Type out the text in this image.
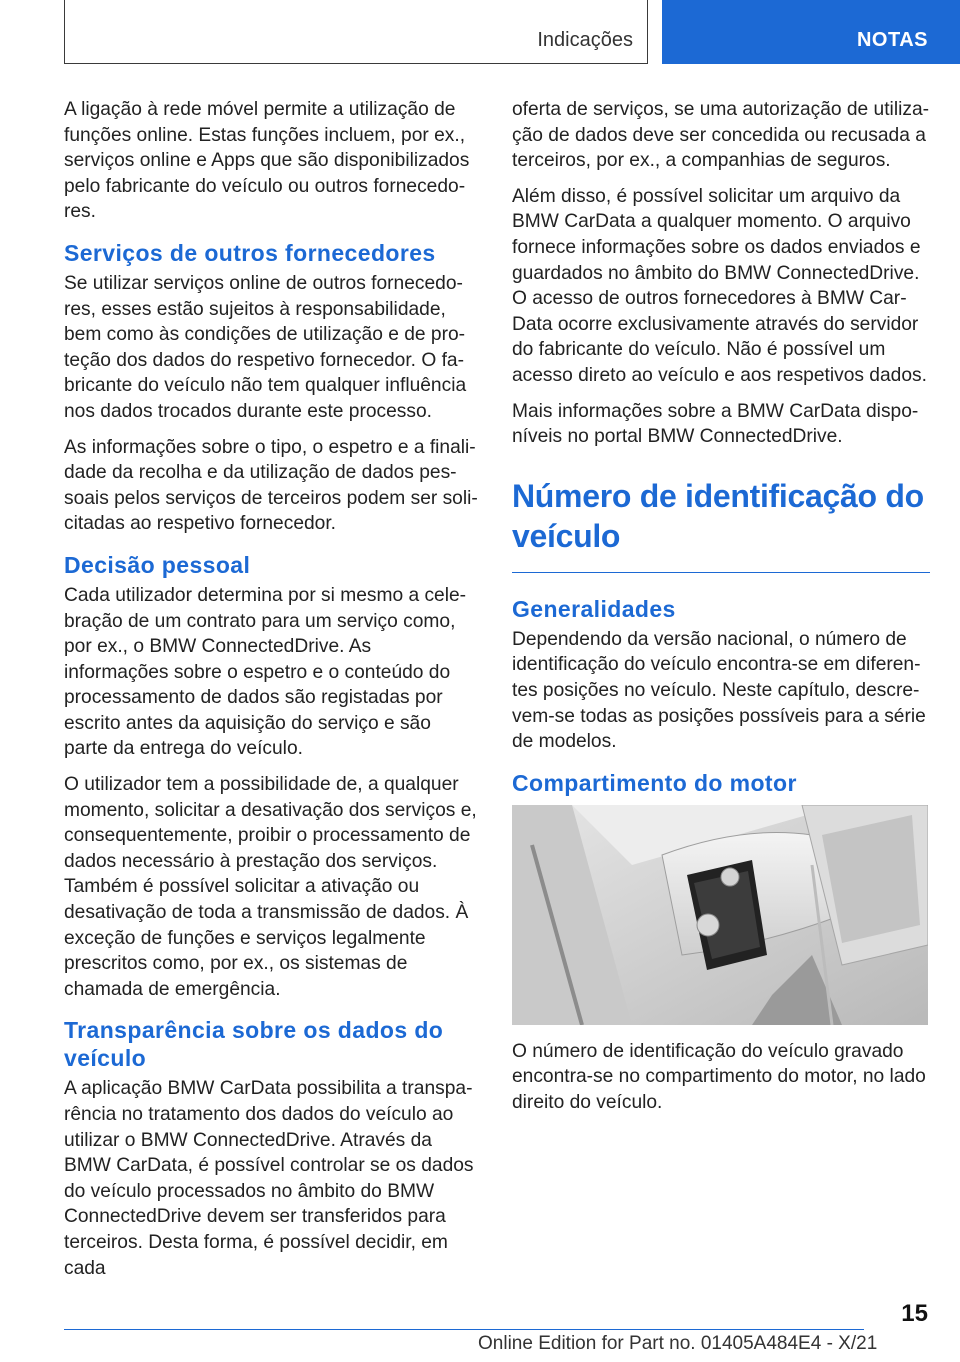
Indicações	NOTAS

A ligação à rede móvel permite a utilização de funções online. Estas funções incluem, por ex., serviços online e Apps que são disponibilizados pelo fabricante do veículo ou outros fornecedores.

Serviços de outros fornecedores

Se utilizar serviços online de outros fornecedores, esses estão sujeitos à responsabilidade, bem como às condições de utilização e de proteção dos dados do respetivo fornecedor. O fabricante do veículo não tem qualquer influência nos dados trocados durante este processo.

As informações sobre o tipo, o espetro e a finalidade da recolha e da utilização de dados pessoais pelos serviços de terceiros podem ser solicitadas ao respetivo fornecedor.

Decisão pessoal

Cada utilizador determina por si mesmo a celebração de um contrato para um serviço como, por ex., o BMW ConnectedDrive. As informações sobre o espetro e o conteúdo do processamento de dados são registadas por escrito antes da aquisição do serviço e são parte da entrega do veículo.

O utilizador tem a possibilidade de, a qualquer momento, solicitar a desativação dos serviços e, consequentemente, proibir o processamento de dados necessário à prestação dos serviços. Também é possível solicitar a ativação ou desativação de toda a transmissão de dados. À exceção de funções e serviços legalmente prescritos como, por ex., os sistemas de chamada de emergência.

Transparência sobre os dados do veículo

A aplicação BMW CarData possibilita a transparência no tratamento dos dados do veículo ao utilizar o BMW ConnectedDrive. Através da BMW CarData, é possível controlar se os dados do veículo processados no âmbito do BMW ConnectedDrive devem ser transferidos para terceiros. Desta forma, é possível decidir, em cada

oferta de serviços, se uma autorização de utilização de dados deve ser concedida ou recusada a terceiros, por ex., a companhias de seguros.

Além disso, é possível solicitar um arquivo da BMW CarData a qualquer momento. O arquivo fornece informações sobre os dados enviados e guardados no âmbito do BMW ConnectedDrive. O acesso de outros fornecedores à BMW CarData ocorre exclusivamente através do servidor do fabricante do veículo. Não é possível um acesso direto ao veículo e aos respetivos dados.

Mais informações sobre a BMW CarData disponíveis no portal BMW ConnectedDrive.

Número de identificação do veículo
Generalidades

Dependendo da versão nacional, o número de identificação do veículo encontra-se em diferentes posições no veículo. Neste capítulo, descrevem-se todas as posições possíveis para a série de modelos.

Compartimento do motor

O número de identificação do veículo gravado encontra-se no compartimento do motor, no lado direito do veículo.

15
Online Edition for Part no. 01405A484E4 - X/21
